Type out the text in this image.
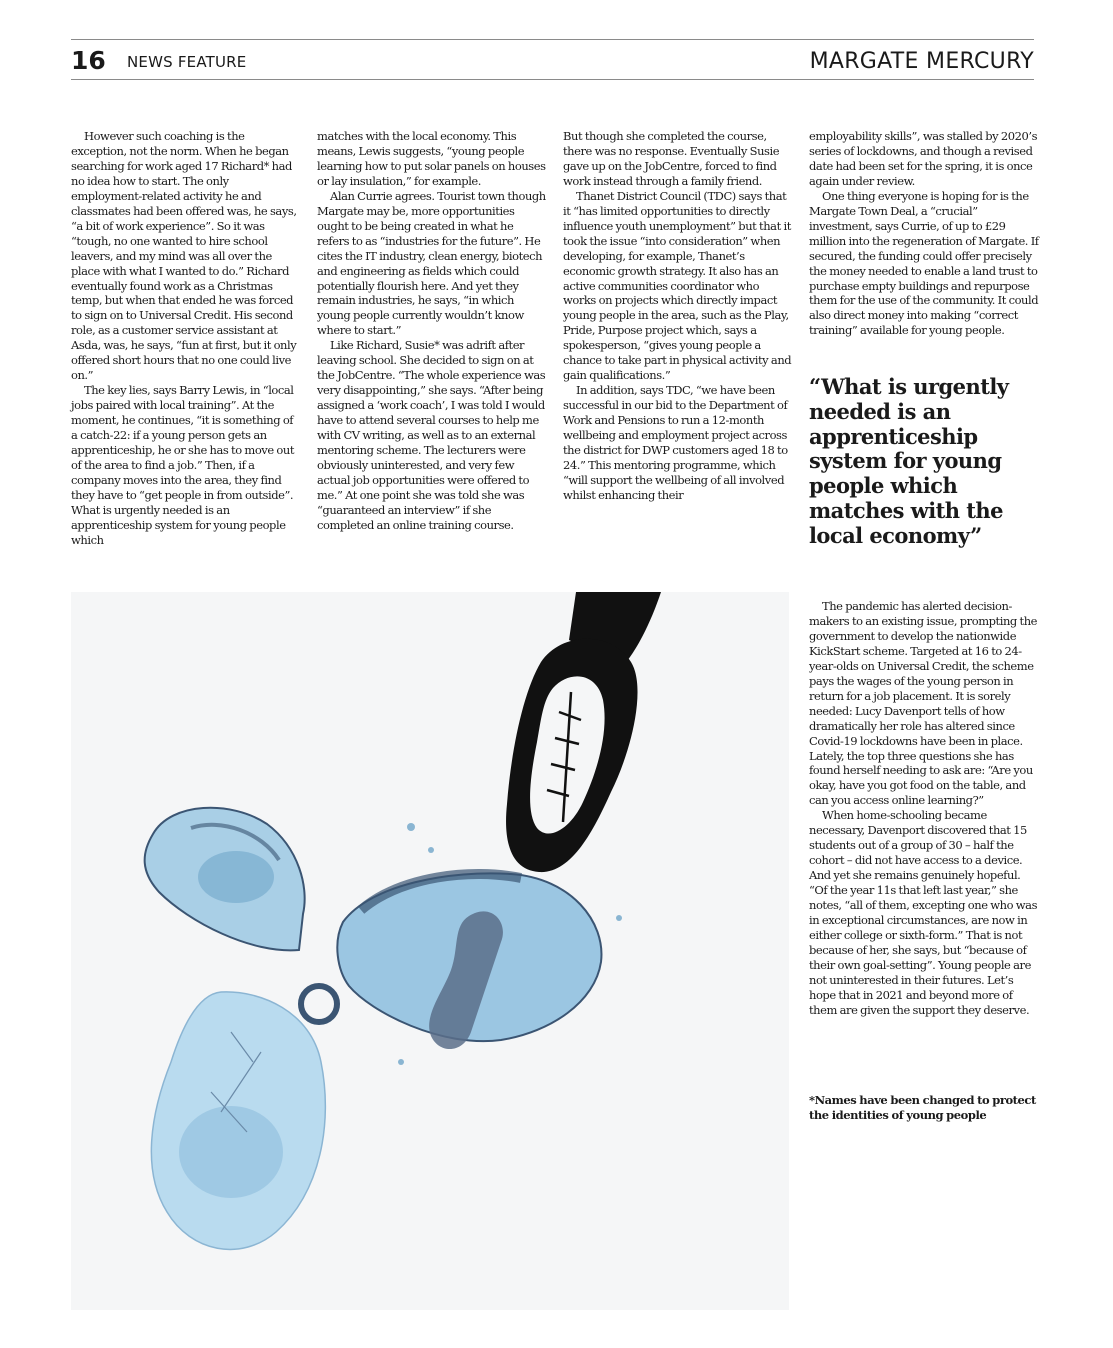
16 NEWS FEATURE	MARGATE MERCURY

However such coaching is the exception, not the norm. When he began searching for work aged 17 Richard* had no idea how to start. The only employment-related activity he and classmates had been offered was, he says, “a bit of work experience”. So it was “tough, no one wanted to hire school leavers, and my mind was all over the place with what I wanted to do.” Richard eventually found work as a Christmas temp, but when that ended he was forced to sign on to Universal Credit. His second role, as a customer service assistant at Asda, was, he says, “fun at first, but it only offered short hours that no one could live on.”

The key lies, says Barry Lewis, in “local jobs paired with local training”. At the moment, he continues, “it is something of a catch-22: if a young person gets an apprenticeship, he or she has to move out of the area to find a job.” Then, if a company moves into the area, they find they have to “get people in from outside”. What is urgently needed is an apprenticeship system for young people which

matches with the local economy. This means, Lewis suggests, “young people learning how to put solar panels on houses or lay insulation,” for example.

Alan Currie agrees. Tourist town though Margate may be, more opportunities ought to be being created in what he refers to as “industries for the future”. He cites the IT industry, clean energy, biotech and engineering as fields which could potentially flourish here. And yet they remain industries, he says, “in which young people currently wouldn’t know where to start.”

Like Richard, Susie* was adrift after leaving school. She decided to sign on at the JobCentre. “The whole experience was very disappointing,” she says. “After being assigned a ‘work coach’, I was told I would have to attend several courses to help me with CV writing, as well as to an external mentoring scheme. The lecturers were obviously uninterested, and very few actual job opportunities were offered to me.” At one point she was told she was “guaranteed an interview” if she completed an online training course.

But though she completed the course, there was no response. Eventually Susie gave up on the JobCentre, forced to find work instead through a family friend.

Thanet District Council (TDC) says that it “has limited opportunities to directly influence youth unemployment” but that it took the issue “into consideration” when developing, for example, Thanet’s economic growth strategy. It also has an active communities coordinator who works on projects which directly impact young people in the area, such as the Play, Pride, Purpose project which, says a spokesperson, “gives young people a chance to take part in physical activity and gain qualifications.”

In addition, says TDC, “we have been successful in our bid to the Department of Work and Pensions to run a 12-month wellbeing and employment project across the district for DWP customers aged 18 to 24.” This mentoring programme, which “will support the wellbeing of all involved whilst enhancing their

employability skills”, was stalled by 2020’s series of lockdowns, and though a revised date had been set for the spring, it is once again under review.

One thing everyone is hoping for is the Margate Town Deal, a “crucial” investment, says Currie, of up to £29 million into the regeneration of Margate. If secured, the funding could offer precisely the money needed to enable a land trust to purchase empty buildings and repurpose them for the use of the community. It could also direct money into making “correct training” available for young people.

“What is urgently needed is an apprenticeship system for young people which matches with the local economy”

The pandemic has alerted decision-makers to an existing issue, prompting the government to develop the nationwide KickStart scheme. Targeted at 16 to 24-year-olds on Universal Credit, the scheme pays the wages of the young person in return for a job placement. It is sorely needed: Lucy Davenport tells of how dramatically her role has altered since Covid-19 lockdowns have been in place. Lately, the top three questions she has found herself needing to ask are: “Are you okay, have you got food on the table, and can you access online learning?”

When home-schooling became necessary, Davenport discovered that 15 students out of a group of 30 – half the cohort – did not have access to a device. And yet she remains genuinely hopeful. “Of the year 11s that left last year,” she notes, “all of them, excepting one who was in exceptional circumstances, are now in either college or sixth-form.” That is not because of her, she says, but “because of their own goal-setting”. Young people are not uninterested in their futures. Let’s hope that in 2021 and beyond more of them are given the support they deserve.

*Names have been changed to protect the identities of young people
